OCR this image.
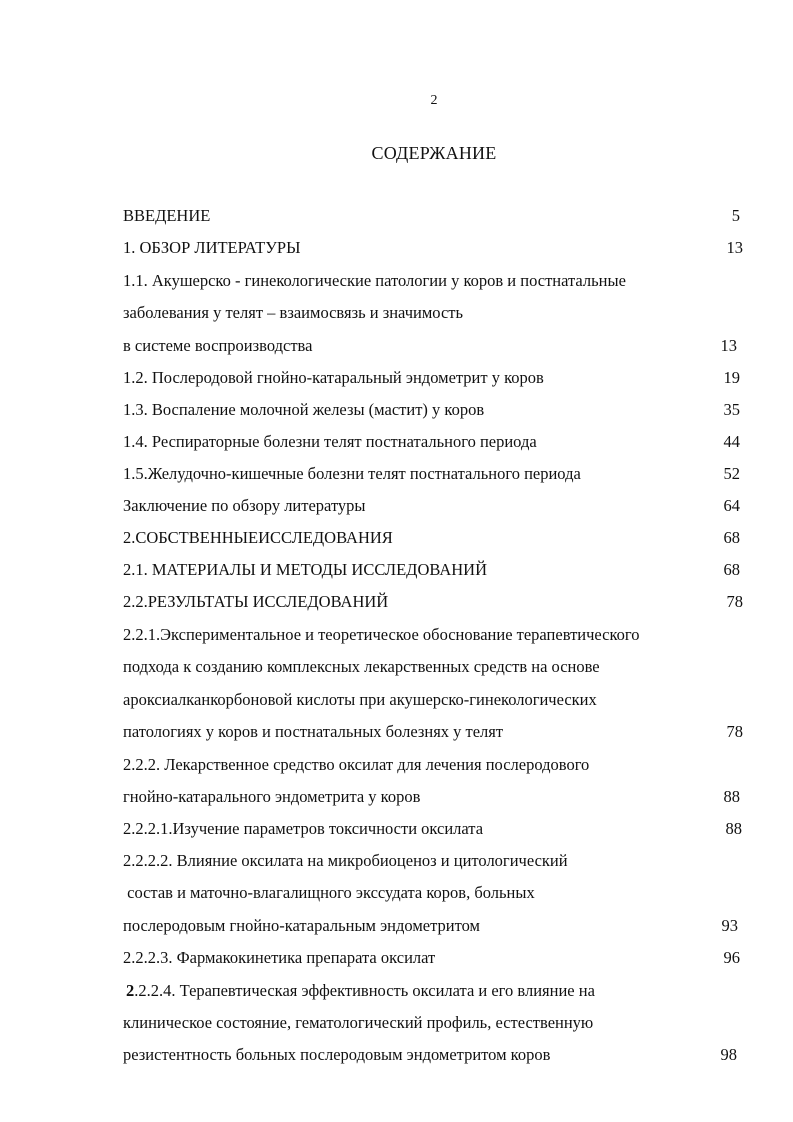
2
СОДЕРЖАНИЕ
ВВЕДЕНИЕ	5
1. ОБЗОР ЛИТЕРАТУРЫ	13
1.1. Акушерско - гинекологические патологии у коров и постнатальные
заболевания у телят – взаимосвязь и значимость
в системе воспроизводства	13
1.2. Послеродовой гнойно-катаральный эндометрит у коров	19
1.3. Воспаление молочной железы (мастит) у коров	35
1.4. Респираторные болезни телят постнатального периода	44
1.5.Желудочно-кишечные болезни телят постнатального периода	52
Заключение по обзору литературы	64
2.СОБСТВЕННЫЕИССЛЕДОВАНИЯ	68
2.1. МАТЕРИАЛЫ И МЕТОДЫ ИССЛЕДОВАНИЙ	68
2.2.РЕЗУЛЬТАТЫ ИССЛЕДОВАНИЙ	78
2.2.1.Экспериментальное и теоретическое обоснование терапевтического
подхода к созданию комплексных лекарственных средств на основе
ароксиалканкорбоновой кислоты при акушерско-гинекологических
патологиях у коров и постнатальных болезнях у телят	78
2.2.2. Лекарственное средство оксилат для лечения послеродового
гнойно-катарального эндометрита у коров	88
2.2.2.1.Изучение параметров токсичности оксилата	88
2.2.2.2. Влияние оксилата на микробиоценоз и цитологический
состав и маточно-влагалищного экссудата коров, больных
послеродовым гнойно-катаральным эндометритом	93
2.2.2.3. Фармакокинетика препарата оксилат	96
2.2.2.4. Терапевтическая эффективность оксилата и его влияние на
клиническое состояние, гематологический профиль, естественную
резистентность больных послеродовым эндометритом коров	98
